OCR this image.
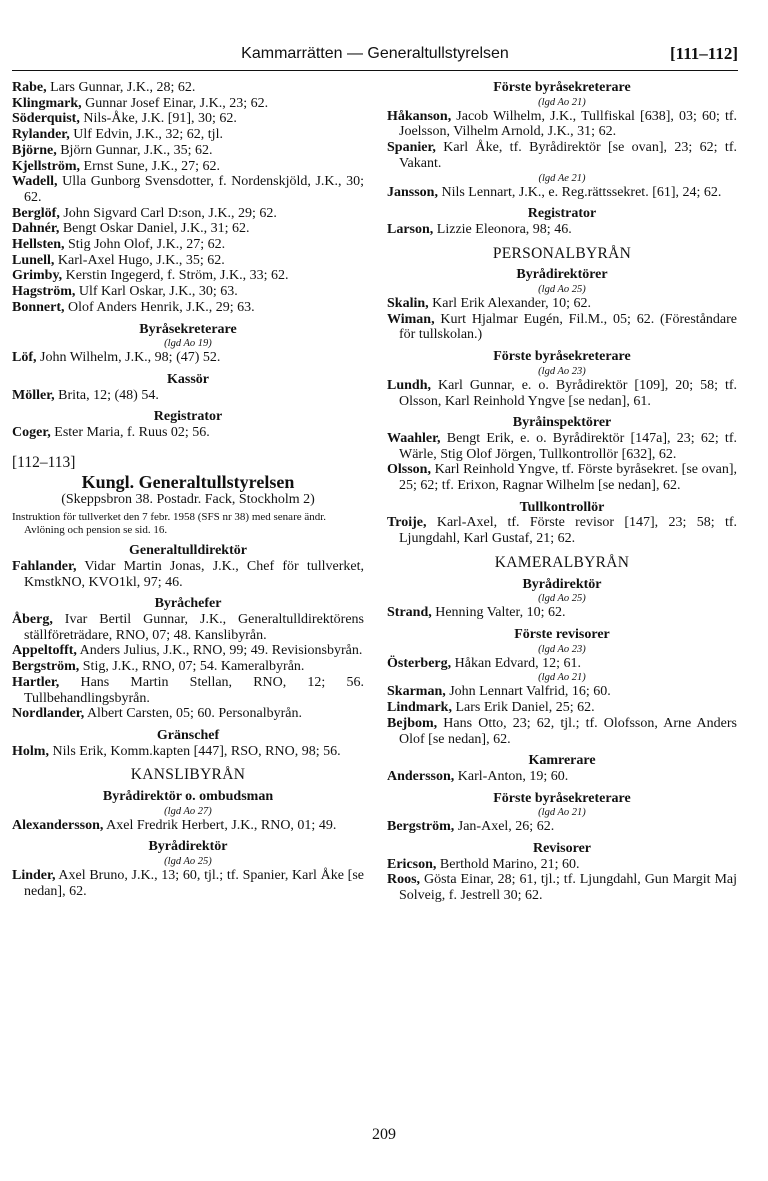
Kammarrätten — Generaltullstyrelsen	[111–112]
Rabe, Lars Gunnar, J.K., 28; 62.
Klingmark, Gunnar Josef Einar, J.K., 23; 62.
Söderquist, Nils-Åke, J.K. [91], 30; 62.
Rylander, Ulf Edvin, J.K., 32; 62, tjl.
Björne, Björn Gunnar, J.K., 35; 62.
Kjellström, Ernst Sune, J.K., 27; 62.
Wadell, Ulla Gunborg Svensdotter, f. Nordenskjöld, J.K., 30; 62.
Berglöf, John Sigvard Carl D:son, J.K., 29; 62.
Dahnér, Bengt Oskar Daniel, J.K., 31; 62.
Hellsten, Stig John Olof, J.K., 27; 62.
Lunell, Karl-Axel Hugo, J.K., 35; 62.
Grimby, Kerstin Ingegerd, f. Ström, J.K., 33; 62.
Hagström, Ulf Karl Oskar, J.K., 30; 63.
Bonnert, Olof Anders Henrik, J.K., 29; 63.
Byråsekreterare
(lgd Ao 19)
Löf, John Wilhelm, J.K., 98; (47) 52.
Kassör
Möller, Brita, 12; (48) 54.
Registrator
Coger, Ester Maria, f. Ruus 02; 56.
[112–113]
Kungl. Generaltullstyrelsen
(Skeppsbron 38. Postadr. Fack, Stockholm 2)
Instruktion för tullverket den 7 febr. 1958 (SFS nr 38) med senare ändr.
Avlöning och pension se sid. 16.
Generaltulldirektör
Fahlander, Vidar Martin Jonas, J.K., Chef för tullverket, KmstkNO, KVO1kl, 97; 46.
Byråchefer
Åberg, Ivar Bertil Gunnar, J.K., Generaltulldirektörens ställföreträdare, RNO, 07; 48. Kanslibyrån.
Appeltofft, Anders Julius, J.K., RNO, 99; 49. Revisionsbyrån.
Bergström, Stig, J.K., RNO, 07; 54. Kameralbyrån.
Hartler, Hans Martin Stellan, RNO, 12; 56. Tullbehandlingsbyrån.
Nordlander, Albert Carsten, 05; 60. Personalbyrån.
Gränschef
Holm, Nils Erik, Komm.kapten [447], RSO, RNO, 98; 56.
KANSLIBYRÅN
Byrådirektör o. ombudsman
(lgd Ao 27)
Alexandersson, Axel Fredrik Herbert, J.K., RNO, 01; 49.
Byrådirektör
(lgd Ao 25)
Linder, Axel Bruno, J.K., 13; 60, tjl.; tf. Spanier, Karl Åke [se nedan], 62.
Förste byråsekreterare
(lgd Ao 21)
Håkanson, Jacob Wilhelm, J.K., Tullfiskal [638], 03; 60; tf. Joelsson, Vilhelm Arnold, J.K., 31; 62.
Spanier, Karl Åke, tf. Byrådirektör [se ovan], 23; 62; tf. Vakant.
(lgd Ae 21)
Jansson, Nils Lennart, J.K., e. Reg.rättssekret. [61], 24; 62.
Registrator
Larson, Lizzie Eleonora, 98; 46.
PERSONALBYRÅN
Byrådirektörer
(lgd Ao 25)
Skalin, Karl Erik Alexander, 10; 62.
Wiman, Kurt Hjalmar Eugén, Fil.M., 05; 62. (Föreståndare för tullskolan.)
Förste byråsekreterare
(lgd Ao 23)
Lundh, Karl Gunnar, e. o. Byrådirektör [109], 20; 58; tf. Olsson, Karl Reinhold Yngve [se nedan], 61.
Byråinspektörer
Waahler, Bengt Erik, e. o. Byrådirektör [147a], 23; 62; tf. Wärle, Stig Olof Jörgen, Tullkontrollör [632], 62.
Olsson, Karl Reinhold Yngve, tf. Förste byråsekret. [se ovan], 25; 62; tf. Erixon, Ragnar Wilhelm [se nedan], 62.
Tullkontrollör
Troije, Karl-Axel, tf. Förste revisor [147], 23; 58; tf. Ljungdahl, Karl Gustaf, 21; 62.
KAMERALBYRÅN
Byrådirektör
(lgd Ao 25)
Strand, Henning Valter, 10; 62.
Förste revisorer
(lgd Ao 23)
Österberg, Håkan Edvard, 12; 61.
(lgd Ao 21)
Skarman, John Lennart Valfrid, 16; 60.
Lindmark, Lars Erik Daniel, 25; 62.
Bejbom, Hans Otto, 23; 62, tjl.; tf. Olofsson, Arne Anders Olof [se nedan], 62.
Kamrerare
Andersson, Karl-Anton, 19; 60.
Förste byråsekreterare
(lgd Ao 21)
Bergström, Jan-Axel, 26; 62.
Revisorer
Ericson, Berthold Marino, 21; 60.
Roos, Gösta Einar, 28; 61, tjl.; tf. Ljungdahl, Gun Margit Maj Solveig, f. Jestrell 30; 62.
209
